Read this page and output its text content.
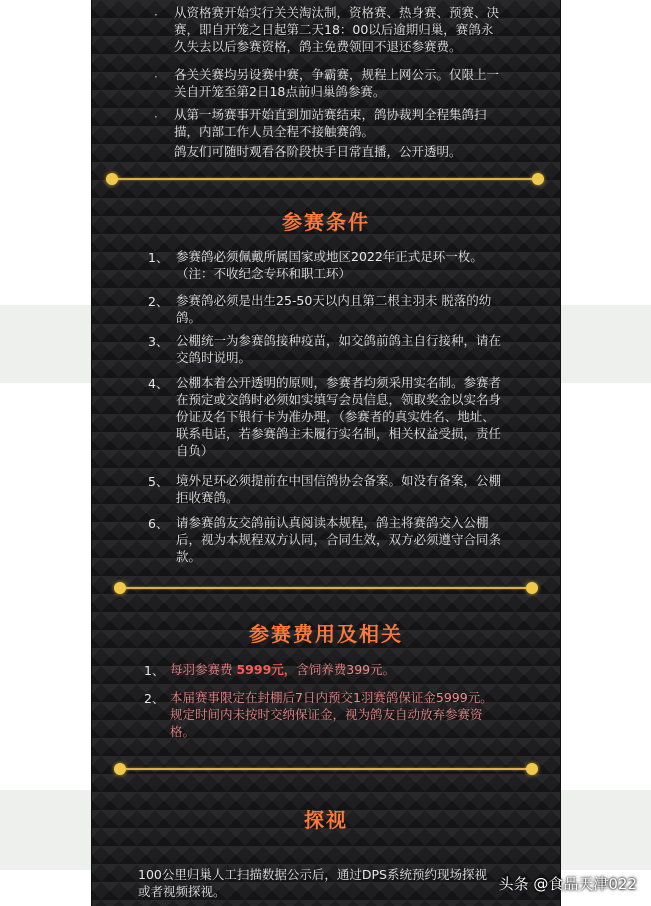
· 从资格赛开始实行关关淘汰制，资格赛、热身赛、预赛、决赛，即自开笼之日起第二天18：00以后逾期归巢，赛鸽永久失去以后参赛资格，鸽主免费领回不退还参赛费。
· 各关关赛均另设赛中赛，争霸赛，规程上网公示。仅限上一关自开笼至第2日18点前归巢鸽参赛。
· 从第一场赛事开始直到加站赛结束，鸽协裁判全程集鸽扫描，内部工作人员全程不接触赛鸽。
鸽友们可随时观看各阶段快手日常直播，公开透明。
参赛条件
1、 参赛鸽必须佩戴所属国家或地区2022年正式足环一枚。（注：不收纪念专环和职工环）
2、 参赛鸽必须是出生25-50天以内且第二根主羽未 脱落的幼鸽。
3、 公棚统一为参赛鸽接种疫苗，如交鸽前鸽主自行接种，请在交鸽时说明。
4、 公棚本着公开透明的原则，参赛者均须采用实名制。参赛者在预定或交鸽时必须如实填写会员信息，领取奖金以实名身份证及名下银行卡为准办理，（参赛者的真实姓名、地址、联系电话，若参赛鸽主未履行实名制，相关权益受损，责任自负）
5、 境外足环必须提前在中国信鸽协会备案。如没有备案，公棚拒收赛鸽。
6、 请参赛鸽友交鸽前认真阅读本规程，鸽主将赛鸽交入公棚后，视为本规程双方认同，合同生效，双方必须遵守合同条款。
参赛费用及相关
1、 每羽参赛费 5999元，含饲养费399元。
2、 本届赛事限定在封棚后7日内预交1羽赛鸽保证金5999元。规定时间内未按时交纳保证金，视为鸽友自动放弃参赛资格。
探视
100公里归巢人工扫描数据公示后，通过DPS系统预约现场探视或者视频探视。	头条 @食品天津022
